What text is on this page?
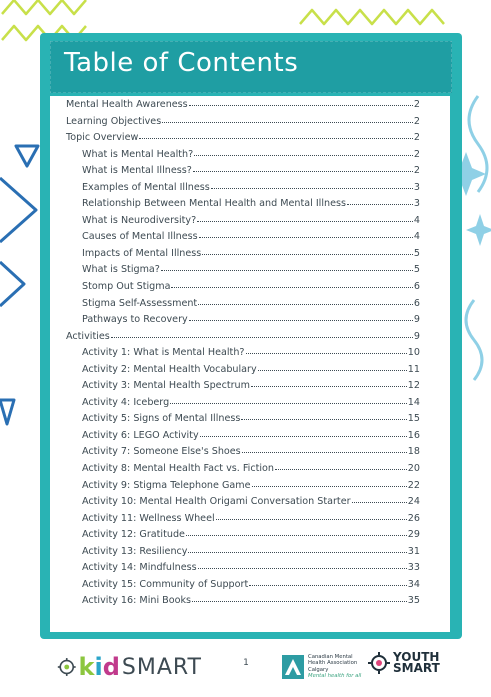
Table of Contents
Mental Health Awareness	2
Learning Objectives	2
Topic Overview	2
What is Mental Health?	2
What is Mental Illness?	2
Examples of Mental Illness	3
Relationship Between Mental Health and Mental Illness	3
What is Neurodiversity?	4
Causes of Mental Illness	4
Impacts of Mental Illness	5
What is Stigma?	5
Stomp Out Stigma	6
Stigma Self-Assessment	6
Pathways to Recovery	9
Activities	9
Activity 1: What is Mental Health?	10
Activity 2: Mental Health Vocabulary	11
Activity 3: Mental Health Spectrum	12
Activity 4: Iceberg	14
Activity 5: Signs of Mental Illness	15
Activity 6: LEGO Activity	16
Activity 7: Someone Else's Shoes	18
Activity 8: Mental Health Fact vs. Fiction	20
Activity 9: Stigma Telephone Game	22
Activity 10: Mental Health Origami Conversation Starter	24
Activity 11: Wellness Wheel	26
Activity 12: Gratitude	29
Activity 13: Resiliency	31
Activity 14: Mindfulness	33
Activity 15: Community of Support	34
Activity 16: Mini Books	35
k i d SMART	1
Canadian Mental
Health Association
Calgary
Mental health for all
YOUTH
SMART
